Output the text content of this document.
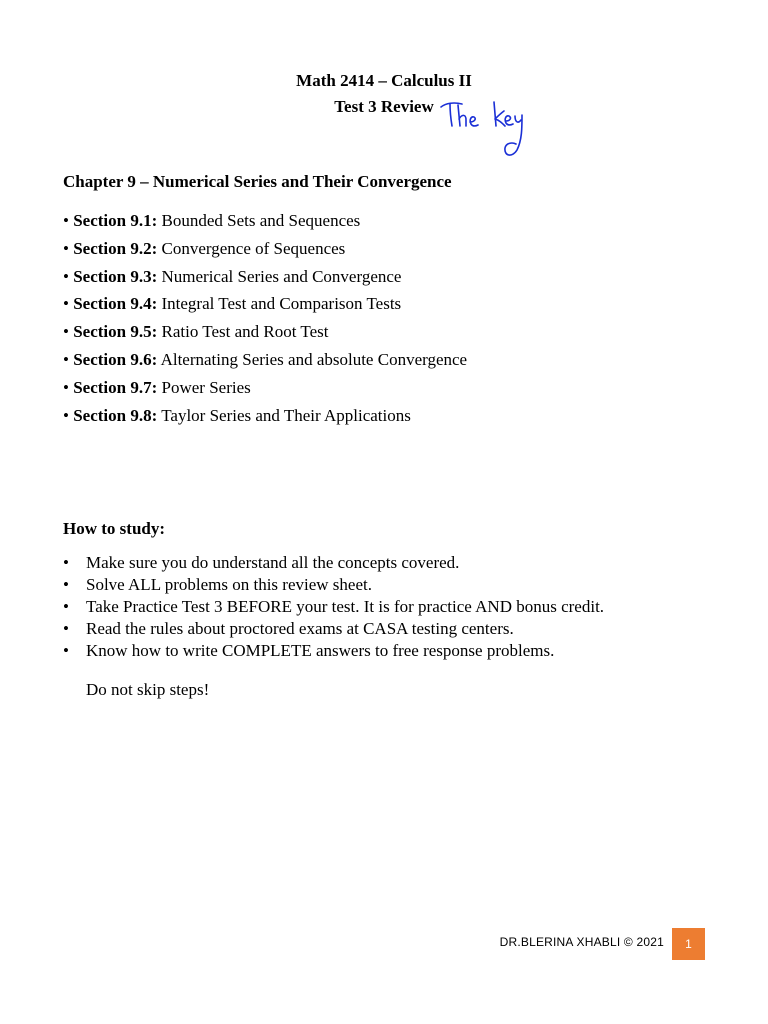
Math 2414 – Calculus II
Test 3 Review
Chapter 9 – Numerical Series and Their Convergence
• Section 9.1: Bounded Sets and Sequences
• Section 9.2: Convergence of Sequences
• Section 9.3: Numerical Series and Convergence
• Section 9.4: Integral Test and Comparison Tests
• Section 9.5: Ratio Test and Root Test
• Section 9.6: Alternating Series and absolute Convergence
• Section 9.7: Power Series
• Section 9.8: Taylor Series and Their Applications
How to study:
• Make sure you do understand all the concepts covered.
• Solve ALL problems on this review sheet.
• Take Practice Test 3 BEFORE your test. It is for practice AND bonus credit.
• Read the rules about proctored exams at CASA testing centers.
• Know how to write COMPLETE answers to free response problems.
Do not skip steps!
DR.BLERINA XHABLI © 2021	1
